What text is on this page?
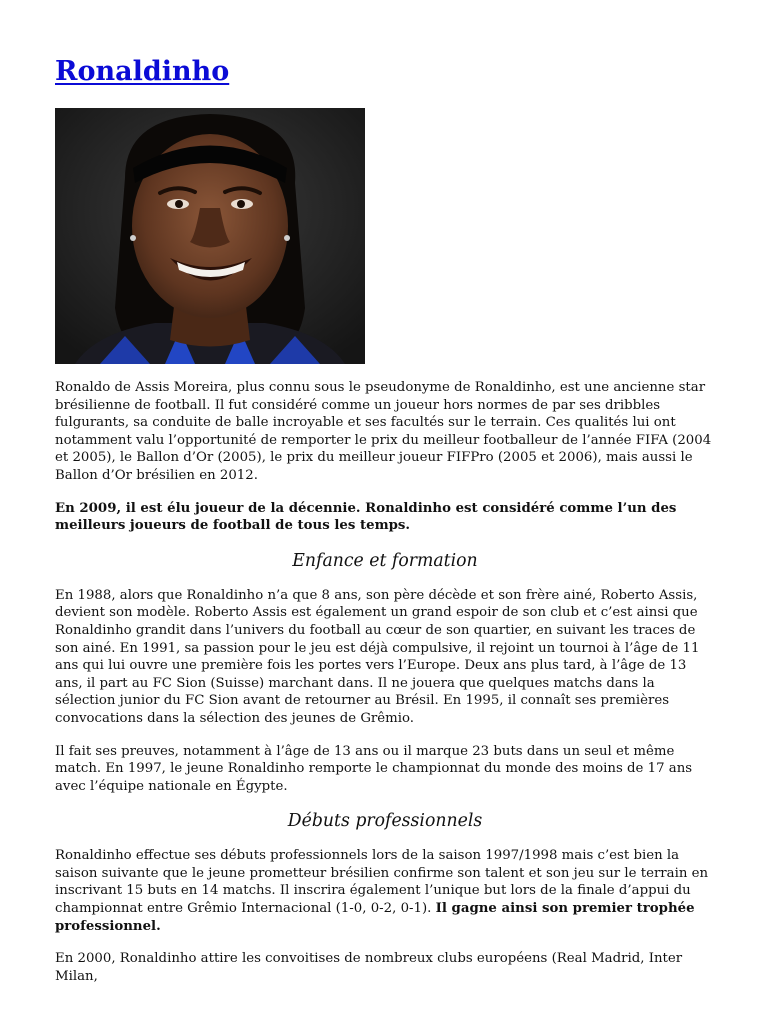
Ronaldinho

Ronaldo de Assis Moreira, plus connu sous le pseudonyme de Ronaldinho, est une ancienne star brésilienne de football. Il fut considéré comme un joueur hors normes de par ses dribbles fulgurants, sa conduite de balle incroyable et ses facultés sur le terrain. Ces qualités lui ont notamment valu l’opportunité de remporter le prix du meilleur footballeur de l’année FIFA (2004 et 2005), le Ballon d’Or (2005), le prix du meilleur joueur FIFPro (2005 et 2006), mais aussi le Ballon d’Or brésilien en 2012.

En 2009, il est élu joueur de la décennie. Ronaldinho est considéré comme l’un des meilleurs joueurs de football de tous les temps.

Enfance et formation

En 1988, alors que Ronaldinho n’a que 8 ans, son père décède et son frère ainé, Roberto Assis, devient son modèle. Roberto Assis est également un grand espoir de son club et c’est ainsi que Ronaldinho grandit dans l’univers du football au cœur de son quartier, en suivant les traces de son ainé. En 1991, sa passion pour le jeu est déjà compulsive, il rejoint un tournoi à l’âge de 11 ans qui lui ouvre une première fois les portes vers l’Europe. Deux ans plus tard, à l’âge de 13 ans, il part au FC Sion (Suisse) marchant dans. Il ne jouera que quelques matchs dans la sélection junior du FC Sion avant de retourner au Brésil. En 1995, il connaît ses premières convocations dans la sélection des jeunes de Grêmio.

Il fait ses preuves, notamment à l’âge de 13 ans ou il marque 23 buts dans un seul et même match. En 1997, le jeune Ronaldinho remporte le championnat du monde des moins de 17 ans avec l’équipe nationale en Égypte.

Débuts professionnels

Ronaldinho effectue ses débuts professionnels lors de la saison 1997/1998 mais c’est bien la saison suivante que le jeune prometteur brésilien confirme son talent et son jeu sur le terrain en inscrivant 15 buts en 14 matchs. Il inscrira également l’unique but lors de la finale d’appui du championnat entre Grêmio Internacional (1-0, 0-2, 0-1). Il gagne ainsi son premier trophée professionnel.

En 2000, Ronaldinho attire les convoitises de nombreux clubs européens (Real Madrid, Inter Milan,
